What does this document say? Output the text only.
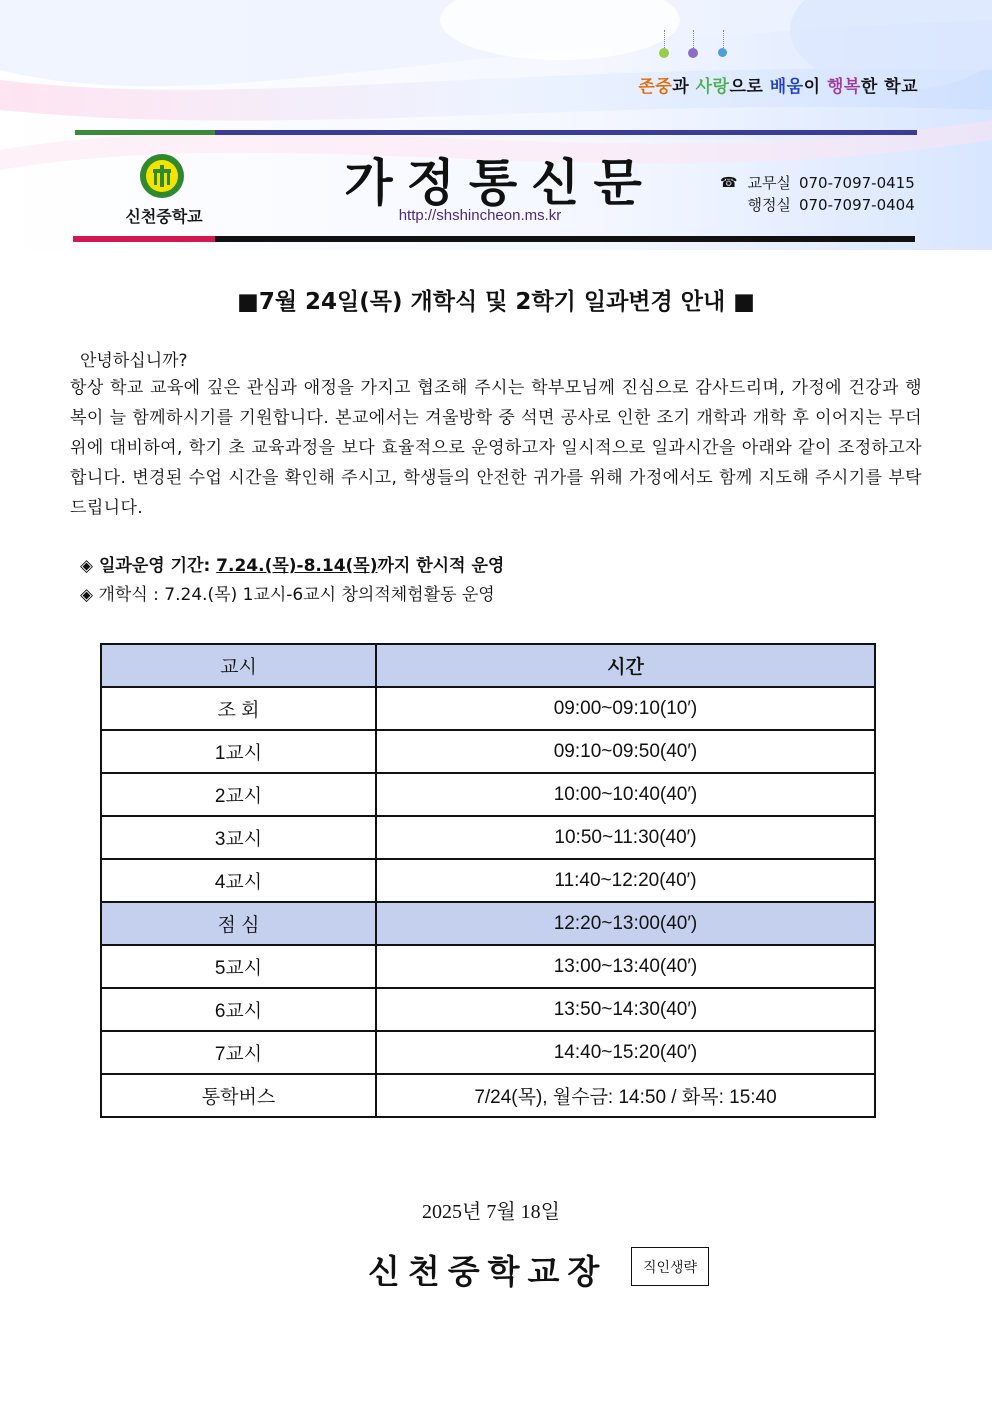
존중과 사랑으로 배움이 행복한 학교
신천중학교
가정통신문
http://shshincheon.ms.kr
☎ 교무실 070-7097-0415
행정실 070-7097-0404
■7월 24일(목) 개학식 및 2학기 일과변경 안내 ■
안녕하십니까?
항상 학교 교육에 깊은 관심과 애정을 가지고 협조해 주시는 학부모님께 진심으로 감사드리며, 가정에 건강과 행복이 늘 함께하시기를 기원합니다. 본교에서는 겨울방학 중 석면 공사로 인한 조기 개학과 개학 후 이어지는 무더위에 대비하여, 학기 초 교육과정을 보다 효율적으로 운영하고자 일시적으로 일과시간을 아래와 같이 조정하고자 합니다. 변경된 수업 시간을 확인해 주시고, 학생들의 안전한 귀가를 위해 가정에서도 함께 지도해 주시기를 부탁드립니다.
◈ 일과운영 기간: 7.24.(목)-8.14(목)까지 한시적 운영
◈ 개학식 : 7.24.(목) 1교시-6교시 창의적체험활동 운영
교시	시간
조 회	09:00~09:10(10′)
1교시	09:10~09:50(40′)
2교시	10:00~10:40(40′)
3교시	10:50~11:30(40′)
4교시	11:40~12:20(40′)
점 심	12:20~13:00(40′)
5교시	13:00~13:40(40′)
6교시	13:50~14:30(40′)
7교시	14:40~15:20(40′)
통학버스	7/24(목), 월수금: 14:50 / 화목: 15:40
2025년 7월 18일
신천중학교장	직인생략
